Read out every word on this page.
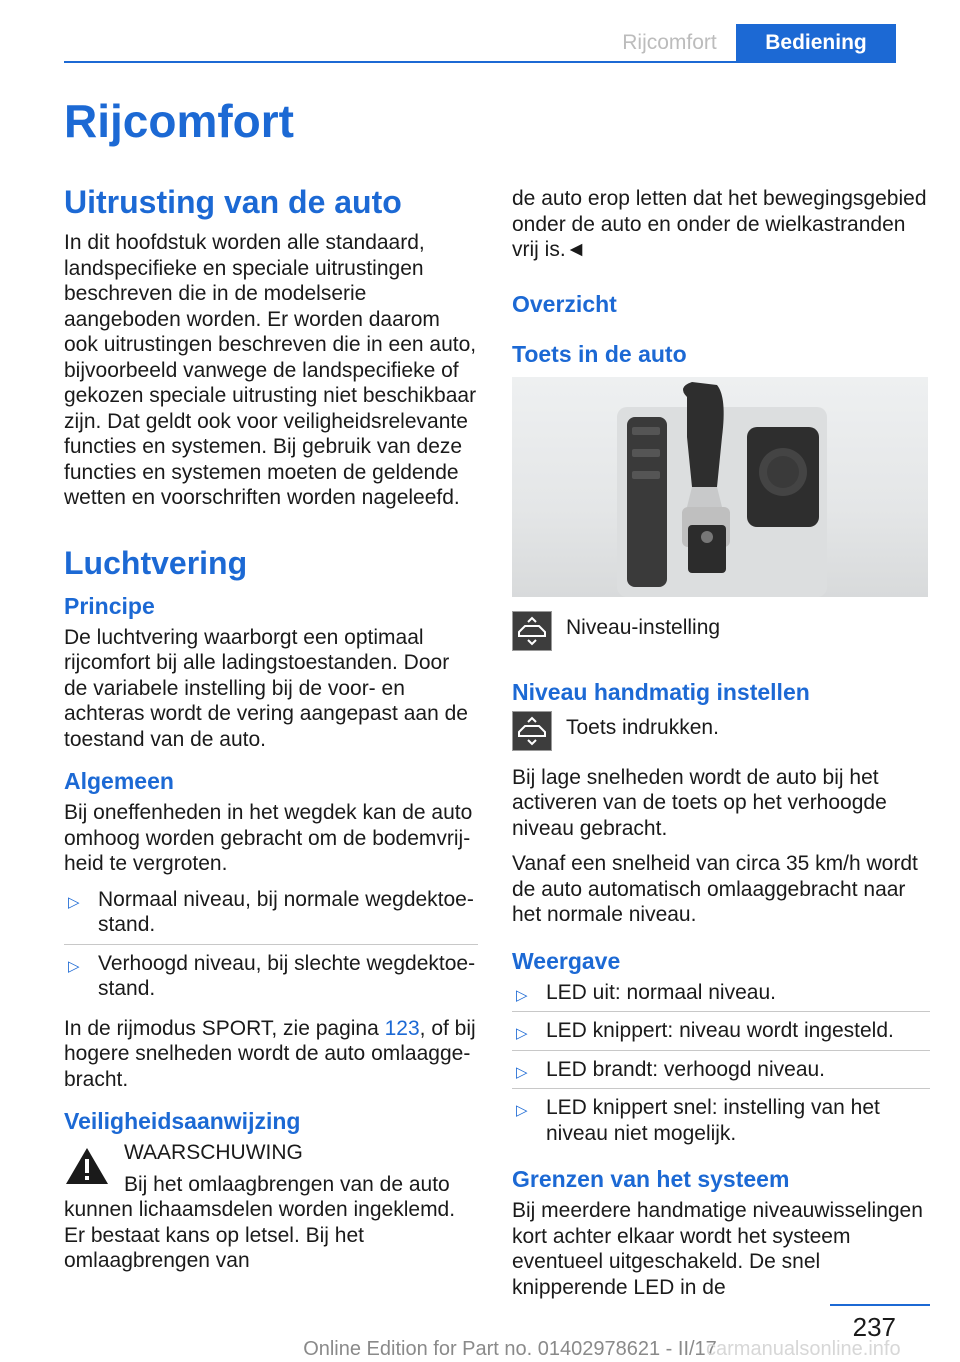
Rijcomfort	Bediening
Rijcomfort
Uitrusting van de auto

In dit hoofdstuk worden alle standaard, landspecifieke en speciale uitrustingen beschreven die in de modelserie aangeboden worden. Er worden daarom ook uitrustingen beschreven die in een auto, bijvoorbeeld vanwege de landspecifieke of gekozen speciale uitrusting niet beschikbaar zijn. Dat geldt ook voor veiligheidsrelevante functies en systemen. Bij gebruik van deze functies en systemen moeten de geldende wetten en voorschriften worden nageleefd.

Luchtvering
Principe

De luchtvering waarborgt een optimaal rijcomfort bij alle ladingstoestanden. Door de variabele instelling bij de voor- en achteras wordt de vering aangepast aan de toestand van de auto.

Algemeen

Bij oneffenheden in het wegdek kan de auto omhoog worden gebracht om de bodemvrijheid te vergroten.

▷ Normaal niveau, bij normale wegdektoestand.
▷ Verhoogd niveau, bij slechte wegdektoestand.

In de rijmodus SPORT, zie pagina 123, of bij hogere snelheden wordt de auto omlaaggebracht.

Veiligheidsaanwijzing
WAARSCHUWING

Bij het omlaagbrengen van de auto kunnen lichaamsdelen worden ingeklemd. Er bestaat kans op letsel. Bij het omlaagbrengen van

de auto erop letten dat het bewegingsgebied onder de auto en onder de wielkastranden vrij is.◄

Overzicht
Toets in de auto

Niveau-instelling

Niveau handmatig instellen

Toets indrukken.

Bij lage snelheden wordt de auto bij het activeren van de toets op het verhoogde niveau gebracht.

Vanaf een snelheid van circa 35 km/h wordt de auto automatisch omlaaggebracht naar het normale niveau.

Weergave
▷ LED uit: normaal niveau.
▷ LED knippert: niveau wordt ingesteld.
▷ LED brandt: verhoogd niveau.
▷ LED knippert snel: instelling van het niveau niet mogelijk.
Grenzen van het systeem

Bij meerdere handmatige niveauwisselingen kort achter elkaar wordt het systeem eventueel uitgeschakeld. De snel knipperende LED in de

237
Online Edition for Part no. 01402978621 - II/17
carmanualsonline.info
